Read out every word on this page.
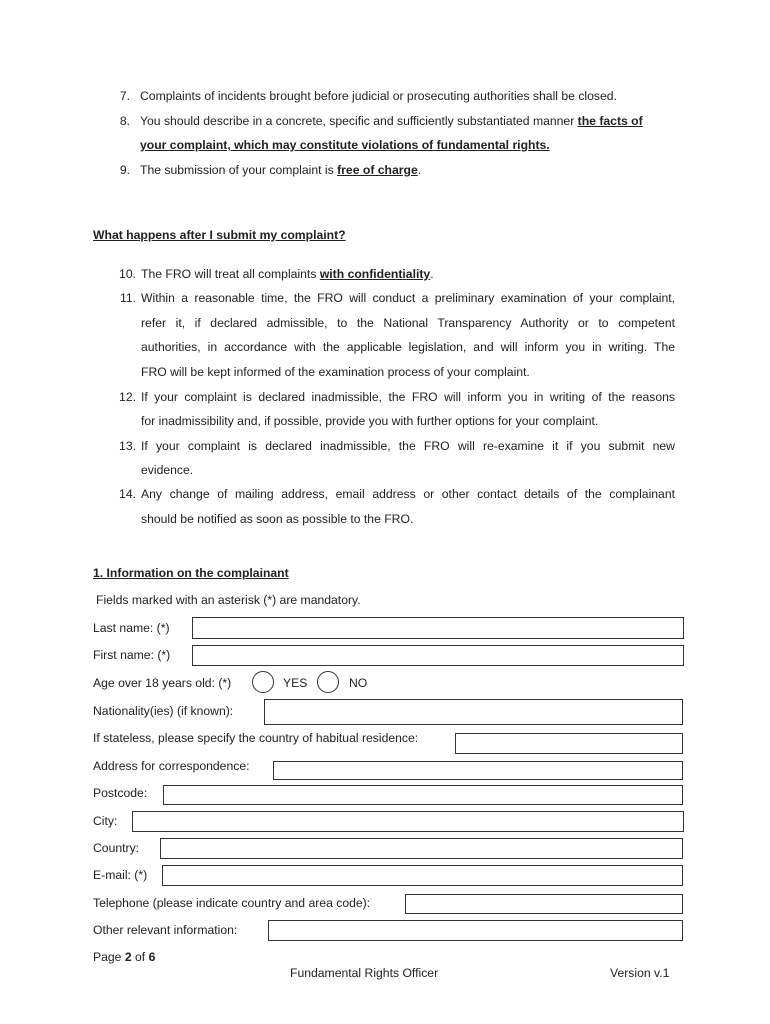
7. Complaints of incidents brought before judicial or prosecuting authorities shall be closed.
8. You should describe in a concrete, specific and sufficiently substantiated manner the facts of
your complaint, which may constitute violations of fundamental rights.
9. The submission of your complaint is free of charge.
What happens after I submit my complaint?
10. The FRO will treat all complaints with confidentiality.
11. Within a reasonable time, the FRO will conduct a preliminary examination of your complaint,
refer it, if declared admissible, to the National Transparency Authority or to competent
authorities, in accordance with the applicable legislation, and will inform you in writing. The
FRO will be kept informed of the examination process of your complaint.
12. If your complaint is declared inadmissible, the FRO will inform you in writing of the reasons
for inadmissibility and, if possible, provide you with further options for your complaint.
13. If your complaint is declared inadmissible, the FRO will re-examine it if you submit new
evidence.
14. Any change of mailing address, email address or other contact details of the complainant
should be notified as soon as possible to the FRO.
1. Information on the complainant
Fields marked with an asterisk (*) are mandatory.
Last name: (*)
First name: (*)
Age over 18 years old: (*)	YES	NO
Nationality(ies) (if known):
If stateless, please specify the country of habitual residence:
Address for correspondence:
Postcode:
City:
Country:
E-mail: (*)
Telephone (please indicate country and area code):
Other relevant information:
Page 2 of 6
Fundamental Rights Officer	Version v.1
